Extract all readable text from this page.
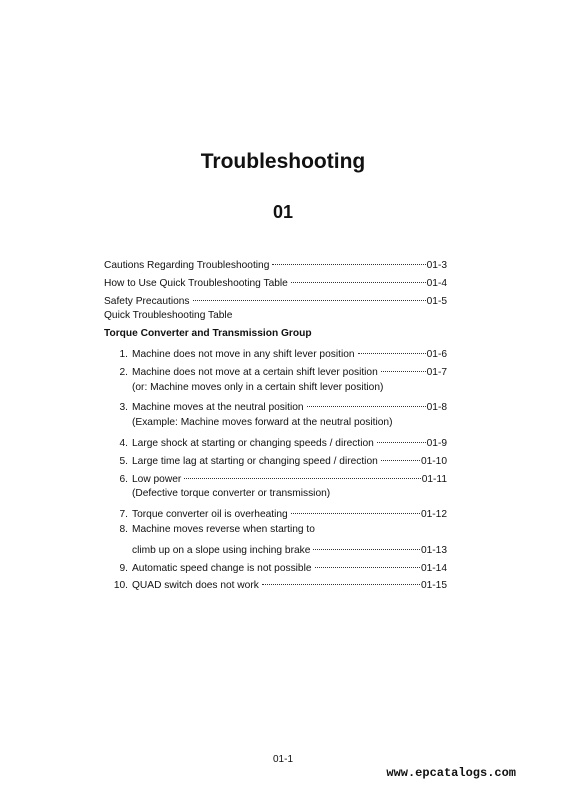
Troubleshooting
01
Cautions Regarding Troubleshooting	01-3
How to Use Quick Troubleshooting Table	01-4
Safety Precautions	01-5
Quick Troubleshooting Table
Torque Converter and Transmission Group
1. Machine does not move in any shift lever position	01-6
2. Machine does not move at a certain shift lever position	01-7
(or: Machine moves only in a certain shift lever position)
3. Machine moves at the neutral position	01-8
(Example: Machine moves forward at the neutral position)
4. Large shock at starting or changing speeds / direction	01-9
5. Large time lag at starting or changing speed / direction	01-10
6. Low power	01-11
(Defective torque converter or transmission)
7. Torque converter oil is overheating	01-12
8. Machine moves reverse when starting to
climb up on a slope using inching brake	01-13
9. Automatic speed change is not possible	01-14
10. QUAD switch does not work	01-15
01-1
www.epcatalogs.com
